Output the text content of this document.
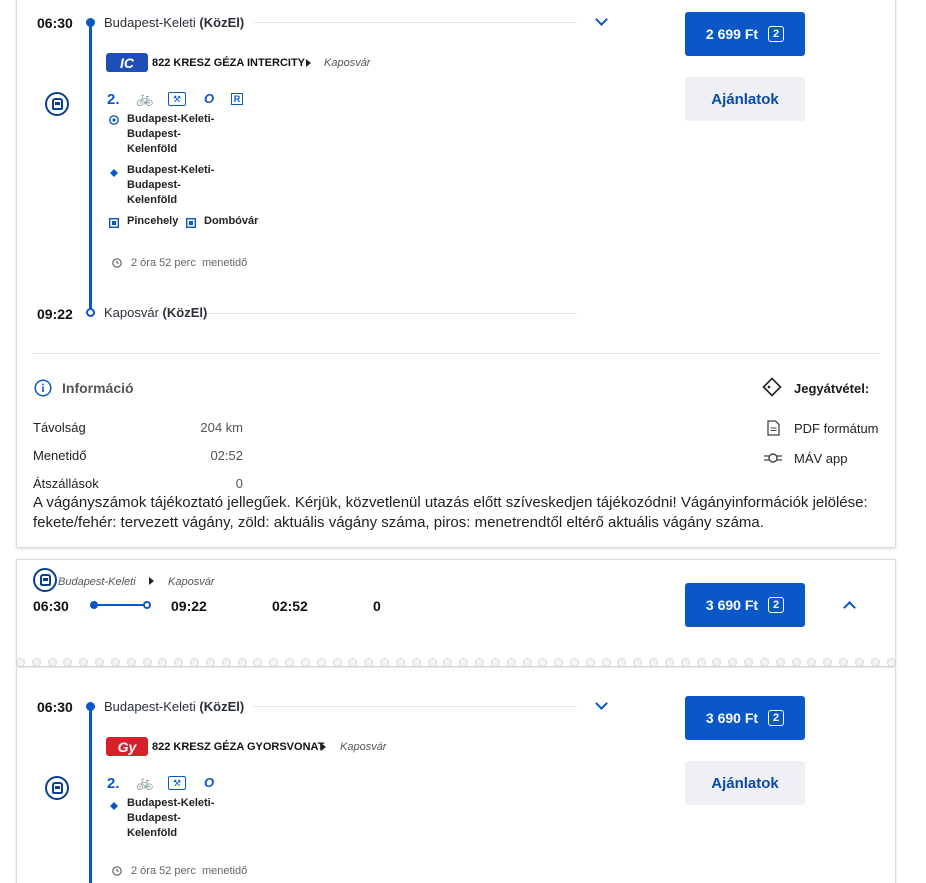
06:30 Budapest-Keleti (KözEl)
IC 822 KRESZ GÉZA INTERCITY Kaposvár
2. 🚲	⚒	O	R
Budapest-Keleti-
Budapest-
Kelenföld
Budapest-Keleti-
Budapest-
Kelenföld
Pincehely Dombóvár
2 óra 52 perc menetidő
09:22 Kaposvár (KözEl)
2 699 Ft	2
Ajánlatok
Információ	Jegyátvétel:
PDF formátum
MÁV app
Távolság	204 km
Menetidő	02:52
Átszállások	0
A vágányszámok tájékoztató jellegűek. Kérjük, közvetlenül utazás előtt szíveskedjen tájékozódni! Vágányinformációk jelölése: fekete/fehér: tervezett vágány, zöld: aktuális vágány száma, piros: menetrendtől eltérő aktuális vágány száma.
Budapest-Keleti	Kaposvár
06:30	09:22	02:52	0	3 690 Ft	2
06:30 Budapest-Keleti (KözEl)
Gy 822 KRESZ GÉZA GYORSVONAT Kaposvár
2. 🚲	⚒	O
Budapest-Keleti-
Budapest-
Kelenföld
2 óra 52 perc menetidő
3 690 Ft	2
Ajánlatok
